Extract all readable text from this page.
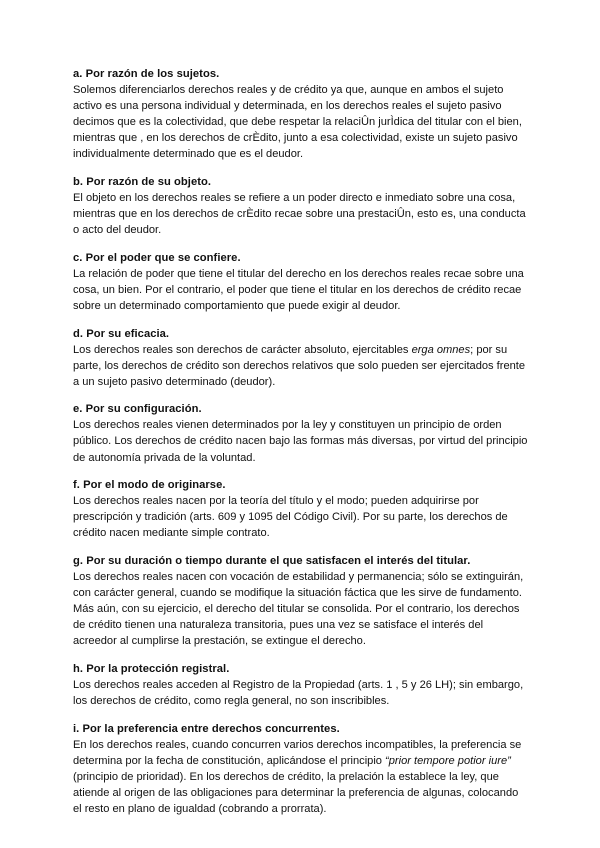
a. Por razón de los sujetos.

Solemos diferenciarlos derechos reales y de crédito ya que, aunque en ambos el sujeto
activo es una persona individual y determinada, en los derechos reales el sujeto pasivo
decimos que es la colectividad, que debe respetar la relaciÛn jurÌdica del titular con el bien,
mientras que , en los derechos de crÈdito, junto a esa colectividad, existe un sujeto pasivo
individualmente determinado que es el deudor.

b. Por razón de su objeto.

El objeto en los derechos reales se refiere a un poder directo e inmediato sobre una cosa,
mientras que en los derechos de crÈdito recae sobre una prestaciÛn, esto es, una conducta
o acto del deudor.

c. Por el poder que se confiere.

La relación de poder que tiene el titular del derecho en los derechos reales recae sobre una
cosa, un bien. Por el contrario, el poder que tiene el titular en los derechos de crédito recae
sobre un determinado comportamiento que puede exigir al deudor.

d. Por su eficacia.

Los derechos reales son derechos de carácter absoluto, ejercitables erga omnes; por su
parte, los derechos de crédito son derechos relativos que solo pueden ser ejercitados frente
a un sujeto pasivo determinado (deudor).

e. Por su configuración.

Los derechos reales vienen determinados por la ley y constituyen un principio de orden
público. Los derechos de crédito nacen bajo las formas más diversas, por virtud del principio
de autonomía privada de la voluntad.

f. Por el modo de originarse.

Los derechos reales nacen por la teoría del título y el modo; pueden adquirirse por
prescripción y tradición (arts. 609 y 1095 del Código Civil). Por su parte, los derechos de
crédito nacen mediante simple contrato.

g. Por su duración o tiempo durante el que satisfacen el interés del titular.

Los derechos reales nacen con vocación de estabilidad y permanencia; sólo se extinguirán,
con carácter general, cuando se modifique la situación fáctica que les sirve de fundamento.
Más aún, con su ejercicio, el derecho del titular se consolida. Por el contrario, los derechos
de crédito tienen una naturaleza transitoria, pues una vez se satisface el interés del
acreedor al cumplirse la prestación, se extingue el derecho.

h. Por la protección registral.

Los derechos reales acceden al Registro de la Propiedad (arts. 1 , 5 y 26 LH); sin embargo,
los derechos de crédito, como regla general, no son inscribibles.

i. Por la preferencia entre derechos concurrentes.

En los derechos reales, cuando concurren varios derechos incompatibles, la preferencia se
determina por la fecha de constitución, aplicándose el principio “prior tempore potior iure”
(principio de prioridad). En los derechos de crédito, la prelación la establece la ley, que
atiende al origen de las obligaciones para determinar la preferencia de algunas, colocando
el resto en plano de igualdad (cobrando a prorrata).
